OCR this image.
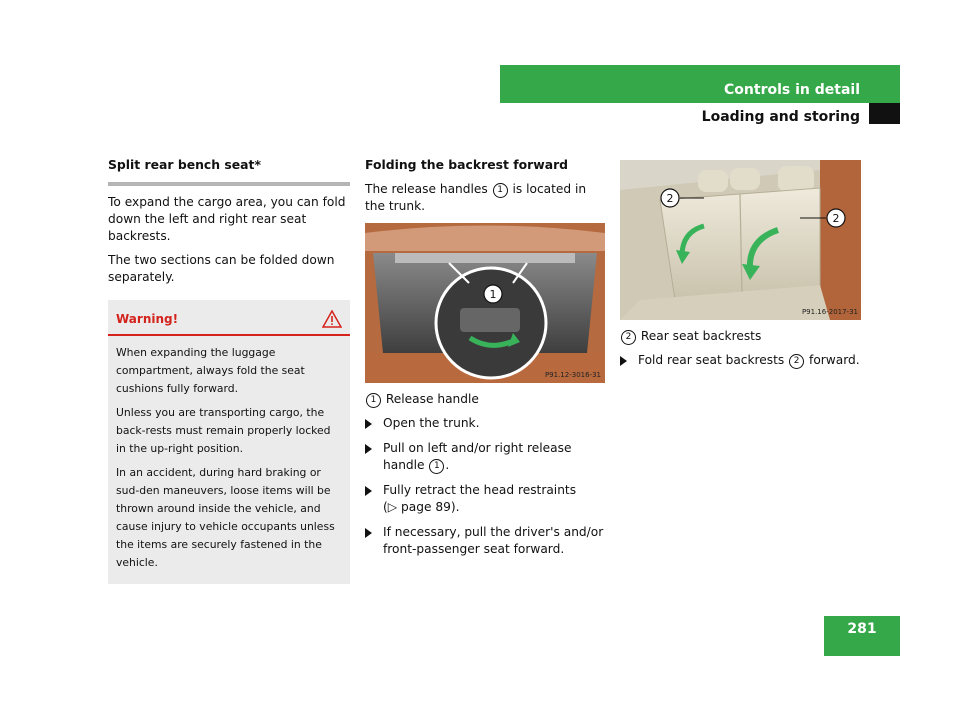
Controls in detail
Loading and storing
Split rear bench seat*

To expand the cargo area, you can fold down the left and right rear seat backrests.

The two sections can be folded down separately.

Warning!

When expanding the luggage compartment, always fold the seat cushions fully forward.

Unless you are transporting cargo, the back-rests must remain properly locked in the up-right position.

In an accident, during hard braking or sud-den maneuvers, loose items will be thrown around inside the vehicle, and cause injury to vehicle occupants unless the items are securely fastened in the vehicle.

Folding the backrest forward

The release handles 1 is located in the trunk.

1
P91.12-3016-31

1 Release handle

Open the trunk.
Pull on left and/or right release handle 1 .
Fully retract the head restraints
(▷ page 89).
If necessary, pull the driver's and/or front-passenger seat forward.
2
2
P91.16-2017-31

2 Rear seat backrests

Fold rear seat backrests 2 forward.
281
